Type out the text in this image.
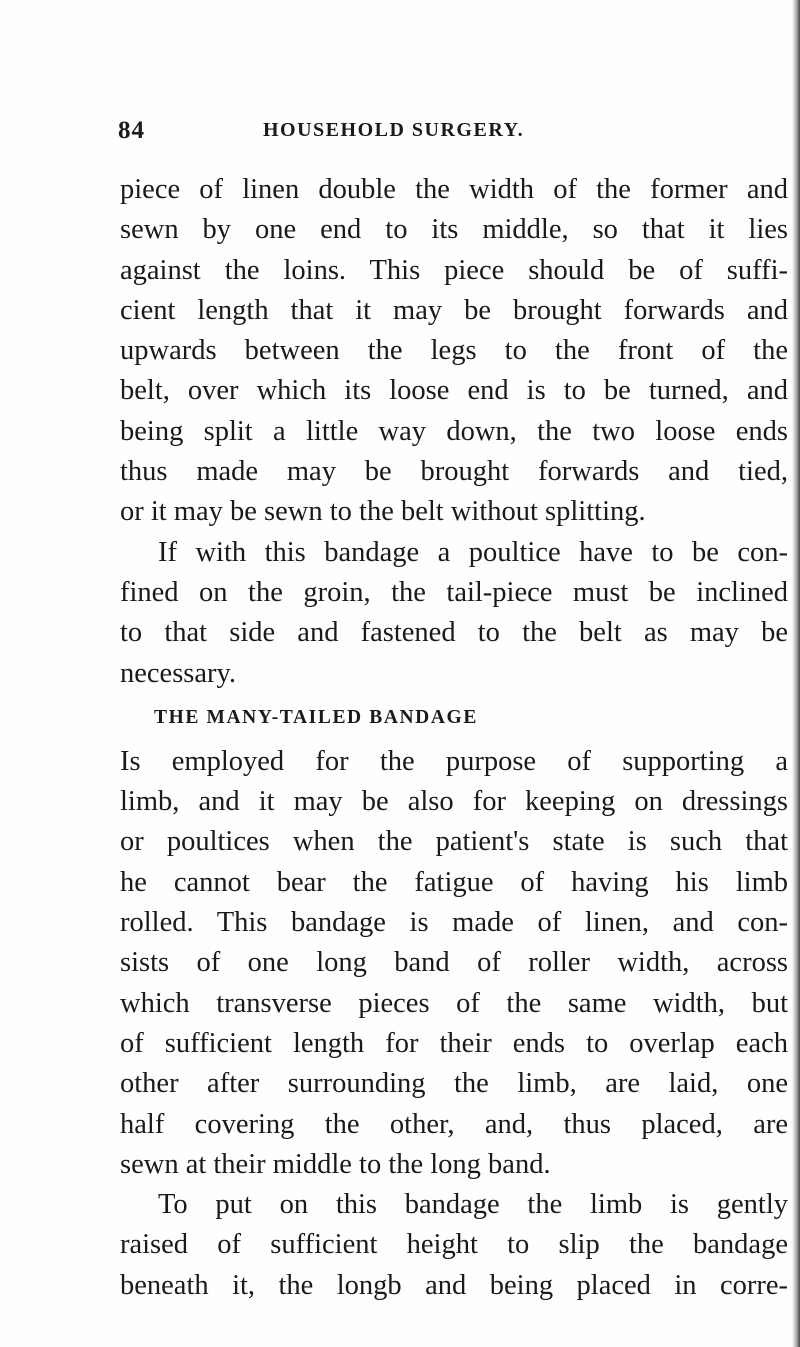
84	HOUSEHOLD SURGERY.
piece of linen double the width of the former and
sewn by one end to its middle, so that it lies
against the loins. This piece should be of suffi-
cient length that it may be brought forwards and
upwards between the legs to the front of the
belt, over which its loose end is to be turned, and
being split a little way down, the two loose ends
thus made may be brought forwards and tied,
or it may be sewn to the belt without splitting.
If with this bandage a poultice have to be con-
fined on the groin, the tail-piece must be inclined
to that side and fastened to the belt as may be
necessary.
THE MANY-TAILED BANDAGE
Is employed for the purpose of supporting a
limb, and it may be also for keeping on dressings
or poultices when the patient's state is such that
he cannot bear the fatigue of having his limb
rolled. This bandage is made of linen, and con-
sists of one long band of roller width, across
which transverse pieces of the same width, but
of sufficient length for their ends to overlap each
other after surrounding the limb, are laid, one
half covering the other, and, thus placed, are
sewn at their middle to the long band.
To put on this bandage the limb is gently
raised of sufficient height to slip the bandage
beneath it, the longb and being placed in corre-
